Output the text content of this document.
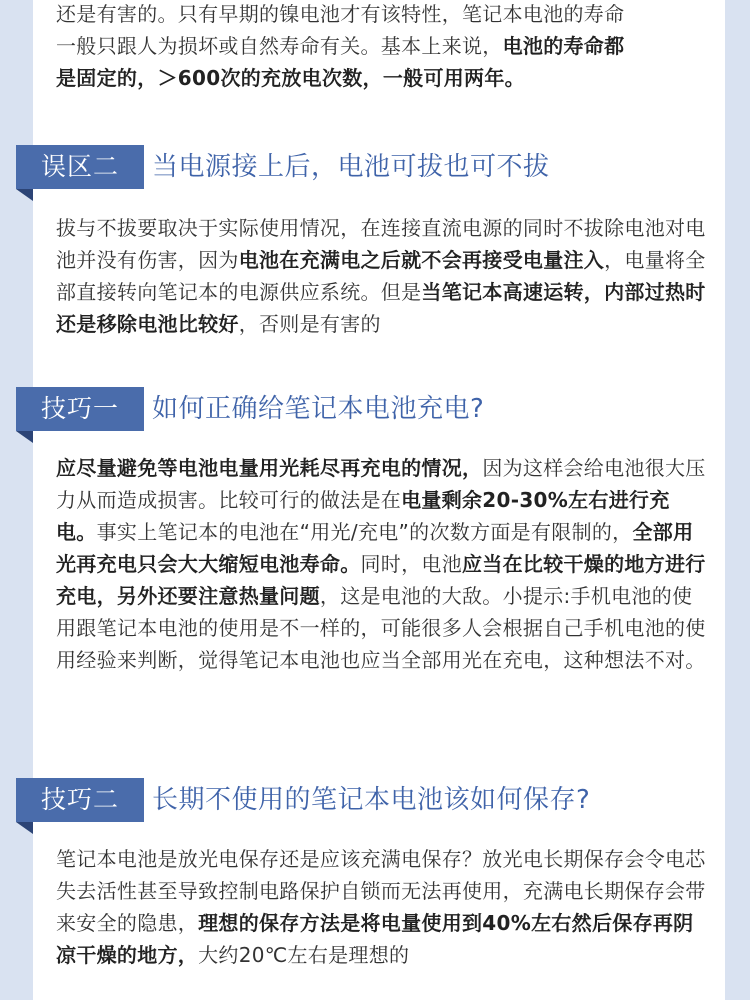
还是有害的。只有早期的镍电池才有该特性，笔记本电池的寿命
一般只跟人为损坏或自然寿命有关。基本上来说，电池的寿命都
是固定的，＞600次的充放电次数，一般可用两年。
误区二	当电源接上后，电池可拔也可不拔
拔与不拔要取决于实际使用情况，在连接直流电源的同时不拔除电池对电池并没有伤害，因为电池在充满电之后就不会再接受电量注入，电量将全部直接转向笔记本的电源供应系统。但是当笔记本高速运转，内部过热时还是移除电池比较好，否则是有害的
技巧一	如何正确给笔记本电池充电?
应尽量避免等电池电量用光耗尽再充电的情况，因为这样会给电池很大压力从而造成损害。比较可行的做法是在电量剩余20-30%左右进行充电。事实上笔记本的电池在“用光/充电”的次数方面是有限制的，全部用光再充电只会大大缩短电池寿命。同时，电池应当在比较干燥的地方进行充电，另外还要注意热量问题，这是电池的大敌。小提示:手机电池的使用跟笔记本电池的使用是不一样的，可能很多人会根据自己手机电池的使用经验来判断，觉得笔记本电池也应当全部用光在充电，这种想法不对。
技巧二	长期不使用的笔记本电池该如何保存?
笔记本电池是放光电保存还是应该充满电保存？放光电长期保存会令电芯失去活性甚至导致控制电路保护自锁而无法再使用，充满电长期保存会带来安全的隐患，理想的保存方法是将电量使用到40%左右然后保存再阴凉干燥的地方，大约20℃左右是理想的
